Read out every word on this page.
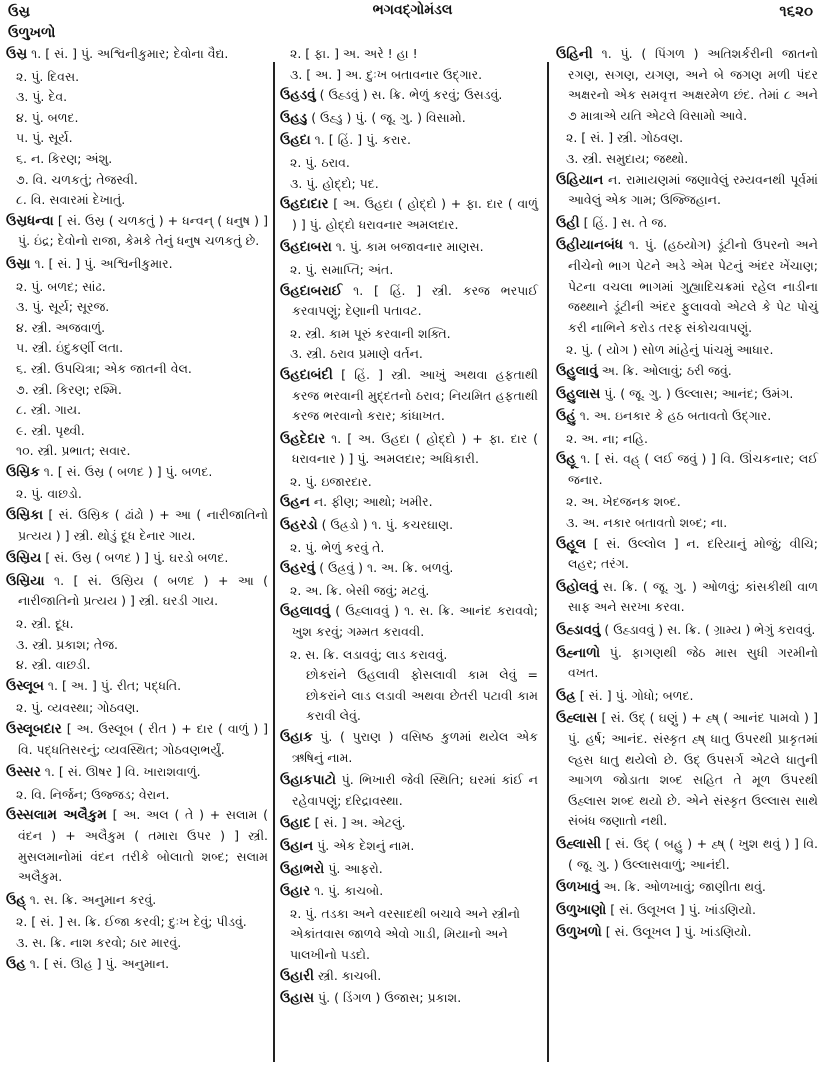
ઉસ્ર
ઉળુખળો
ભગવદ્ગોમંડલ	૧૬૨૦

ઉસ્ર ૧. [ સં. ] પું. અશ્વિનીકુમાર; દેવોના વૈદ્ય.

૨. પું. દિવસ.

૩. પું. દેવ.

૪. પું. બળદ.

૫. પું. સૂર્ય.

૬. ન. કિરણ; અંશુ.

૭. વિ. ચળકતું; તેજસ્વી.

૮. વિ. સવારમાં દેખાતું.

ઉસ્રધન્વા [ સં. ઉસ્ર ( ચળકતું ) + ધન્વન્ ( ધનુષ ) ] પું. ઇંદ્ર; દેવોનો રાજા, કેમકે તેનું ધનુષ ચળકતું છે.

ઉસ્રા ૧. [ સં. ] પું. અશ્વિનીકુમાર.

૨. પું. બળદ; સાંઢ.

૩. પું. સૂર્ય; સૂરજ.

૪. સ્ત્રી. અજવાળું.

૫. સ્ત્રી. ઇંદુકર્ણી લતા.

૬. સ્ત્રી. ઉપચિત્રા; એક જાતની વેલ.

૭. સ્ત્રી. કિરણ; રશ્મિ.

૮. સ્ત્રી. ગાય.

૯. સ્ત્રી. પૃથ્વી.

૧૦. સ્ત્રી. પ્રભાત; સવાર.

ઉસ્રિક ૧. [ સં. ઉસ્ર ( બળદ ) ] પું. બળદ.

૨. પું. વાછડો.

ઉસ્રિકા [ સં. ઉસ્રિક ( ઢાંઢો ) + આ ( નારીજાતિનો પ્રત્યય ) ] સ્ત્રી. થોડું દૂધ દેનાર ગાય.

ઉસ્રિય [ સં. ઉસ્ર ( બળદ ) ] પું. ઘરડો બળદ.

ઉસ્રિયા ૧. [ સં. ઉસ્રિય ( બળદ ) + આ ( નારીજાતિનો પ્રત્યય ) ] સ્ત્રી. ઘરડી ગાય.

૨. સ્ત્રી. દૂધ.

૩. સ્ત્રી. પ્રકાશ; તેજ.

૪. સ્ત્રી. વાછડી.

ઉસ્લૂબ ૧. [ અ. ] પું. રીત; પદ્ધતિ.

૨. પું. વ્યવસ્થા; ગોઠવણ.

ઉસ્લૂબદાર [ અ. ઉસ્લૂબ ( રીત ) + દાર ( વાળું ) ] વિ. પદ્ધતિસરનું; વ્યવસ્થિત; ગોઠવણભર્યું.

ઉસ્સર ૧. [ સં. ઊષર ] વિ. ખારાશવાળું.

૨. વિ. નિર્જન; ઉજ્જડ; વેરાન.

ઉસ્સલામ અલૈકુમ [ અ. અલ ( તે ) + સલામ ( વંદન ) + અલૈકુમ ( તમારા ઉપર ) ] સ્ત્રી. મુસલમાનોમાં વંદન તરીકે બોલાતો શબ્દ; સલામ અલૈકુમ.

ઉહ્ ૧. સ. ક્રિ. અનુમાન કરવું.

૨. [ સં. ] સ. ક્રિ. ઈજા કરવી; દુઃખ દેવું; પીડવું.

૩. સ. ક્રિ. નાશ કરવો; ઠાર મારવું.

ઉહ ૧. [ સં. ઊહ ] પું. અનુમાન.

૨. [ ફા. ] અ. અરે ! હા !

૩. [ અ. ] અ. દુઃખ બતાવનાર ઉદ્ગાર.

ઉહડવું ( ઉહ્ડવું ) સ. ક્રિ. ભેળું કરવું; ઉસડવું.

ઉહડુ ( ઉહ્ડુ ) પું. ( જૂ. ગુ. ) વિસામો.

ઉહદા ૧. [ હિં. ] પું. કરાર.

૨. પું. ઠરાવ.

૩. પું. હોદ્દો; પદ.

ઉહદાદાર [ અ. ઉહદા ( હોદ્દો ) + ફા. દાર ( વાળું ) ] પું. હોદ્દો ધરાવનાર અમલદાર.

ઉહદાબરા ૧. પું. કામ બજાવનાર માણસ.

૨. પું. સમાપ્તિ; અંત.

ઉહદાબરાઈ ૧. [ હિં. ] સ્ત્રી. કરજ ભરપાઈ કરવાપણું; દેણાની પતાવટ.

૨. સ્ત્રી. કામ પૂરું કરવાની શક્તિ.

૩. સ્ત્રી. ઠરાવ પ્રમાણે વર્તન.

ઉહદાબંદી [ હિં. ] સ્ત્રી. આખું અથવા હફતાથી કરજ ભરવાની મુદ્દતનો ઠરાવ; નિયમિત હફતાથી કરજ ભરવાનો કરાર; કાંધાખત.

ઉહદેદાર ૧. [ અ. ઉહદા ( હોદ્દો ) + ફા. દાર ( ધરાવનાર ) ] પું. અમલદાર; અધિકારી.

૨. પું. ઇજારદાર.

ઉહન ન. ફીણ; આથો; ખમીર.

ઉહરડો ( ઉહ્રડો ) ૧. પું. કચરઘાણ.

૨. પું. ભેળું કરવું તે.

ઉહરવું ( ઉહ્રવું ) ૧. અ. ક્રિ. બળવું.

૨. અ. ક્રિ. બેસી જવું; મટવું.

ઉહલાવવું ( ઉહ્લાવવું ) ૧. સ. ક્રિ. આનંદ કરાવવો; ખુશ કરવું; ગમ્મત કરાવવી.

૨. સ. ક્રિ. લડાવવું; લાડ કરાવવું.

છોકરાંને ઉહલાવી ફોસલાવી કામ લેવું = છોકરાંને લાડ લડાવી અથવા છેતરી પટાવી કામ કરાવી લેવું.

ઉહાક પું. ( પુરાણ ) વસિષ્ઠ કુળમાં થયેલ એક ઋષિનું નામ.

ઉહાકપાટો પું. ભિખારી જેવી સ્થિતિ; ઘરમાં કાંઈ ન રહેવાપણું; દરિદ્રાવસ્થા.

ઉહાદ [ સં. ] અ. એટલું.

ઉહાન પું. એક દેશનું નામ.

ઉહાભરો પું. આફરો.

ઉહાર ૧. પું. કાચબો.

૨. પું. તડકા અને વરસાદથી બચાવે અને સ્ત્રીનો એકાંતવાસ જાળવે એવો ગાડી, મિયાનો અને પાલખીનો પડદો.

ઉહારી સ્ત્રી. કાચબી.

ઉહાસ પું. ( ડિંગળ ) ઉજાસ; પ્રકાશ.

ઉહિની ૧. પું. ( પિંગળ ) અતિશર્કરીની જાતનો રગણ, સગણ, યગણ, અને બે જગણ મળી પંદર અક્ષરનો એક સમવૃત્ત અક્ષરમેળ છંદ. તેમાં ૮ અને ૭ માત્રાએ યતિ એટલે વિસામો આવે.

૨. [ સં. ] સ્ત્રી. ગોઠવણ.

૩. સ્ત્રી. સમુદાય; જથ્થો.

ઉહિયાન ન. રામાયણમાં જણાવેલું રમ્યવનથી પૂર્વમાં આવેલું એક ગામ; ઉજ્જિહાન.

ઉહી [ હિં. ] સ. તે જ.

ઉહીયાનબંધ ૧. પું. (હઠયોગ) ડૂંટીનો ઉપરનો અને નીચેનો ભાગ પેટને અડે એમ પેટનું અંદર ખેંચાણ; પેટના વચલા ભાગમાં ગુહ્યાદિચક્રમાં રહેલ નાડીના જથ્થાને ડૂંટીની અંદર ફુલાવવો એટલે કે પેટ પોચું કરી નાભિને કરોડ તરફ સંકોચવાપણું.

૨. પું. ( યોગ ) સોળ માંહેનું પાંચમું આધાર.

ઉહુલાવું અ. ક્રિ. ઓલાવું; ઠરી જવું.

ઉહુલાસ પું. ( જૂ. ગુ. ) ઉલ્લાસ; આનંદ; ઉમંગ.

ઉહું ૧. અ. ઇનકાર કે હઠ બતાવતો ઉદ્ગાર.

૨. અ. ના; નહિ.

ઉહૂ ૧. [ સં. વહ્ ( લઈ જવું ) ] વિ. ઊંચકનાર; લઈ જનાર.

૨. અ. ખેદજનક શબ્દ.

૩. અ. નકાર બતાવતો શબ્દ; ના.

ઉહૂલ [ સં. ઉલ્લોલ ] ન. દરિયાનું મોજું; વીચિ; લહર; તરંગ.

ઉહોલવું સ. ક્રિ. ( જૂ. ગુ. ) ઓળવું; કાંસકીથી વાળ સાફ અને સરખા કરવા.

ઉહ્ડાવવું ( ઉહ્ડાવવું ) સ. ક્રિ. ( ગ્રામ્ય ) ભેગું કરાવવું.

ઉહ્નાળો પું. ફાગણથી જેઠ માસ સુધી ગરમીનો વખત.

ઉહ્ર [ સં. ] પું. ગોધો; બળદ.

ઉહ્લાસ [ સં. ઉદ્ ( ઘણું ) + હ્ષ્ ( આનંદ પામવો ) ] પું. હર્ષ; આનંદ. સંસ્કૃત હ્ષ્ ધાતુ ઉપરથી પ્રાકૃતમાં લ્હસ ધાતુ થયેલો છે. ઉદ્ ઉપસર્ગ એટલે ધાતુની આગળ જોડાતા શબ્દ સહિત તે મૂળ ઉપરથી ઉહ્લાસ શબ્દ થયો છે. એને સંસ્કૃત ઉલ્લાસ સાથે સંબંધ જણાતો નથી.

ઉહ્લાસી [ સં. ઉદ્ ( બહુ ) + હ્ષ્ ( ખુશ થવું ) ] વિ. ( જૂ. ગુ. ) ઉલ્લાસવાળું; આનંદી.

ઉળખાવું અ. ક્રિ. ઓળખાવું; જાણીતા થવું.

ઉળુખાણો [ સં. ઉલૂખલ ] પું. ખાંડણિયો.

ઉળુખળો [ સં. ઉલૂખલ ] પું. ખાંડણિયો.
